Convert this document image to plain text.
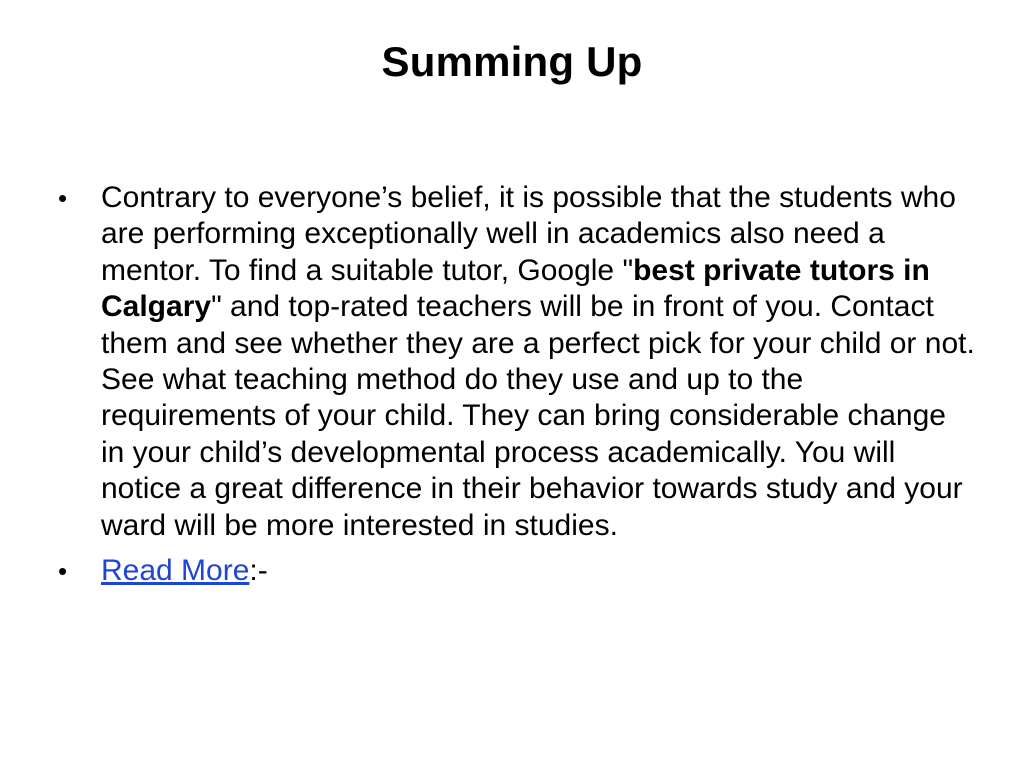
Summing Up
• Contrary to everyone’s belief, it is possible that the students who are performing exceptionally well in academics also need a mentor. To find a suitable tutor, Google "best private tutors in Calgary" and top-rated teachers will be in front of you. Contact them and see whether they are a perfect pick for your child or not. See what teaching method do they use and up to the requirements of your child. They can bring considerable change in your child’s developmental process academically. You will notice a great difference in their behavior towards study and your ward will be more interested in studies.
• Read More:-
